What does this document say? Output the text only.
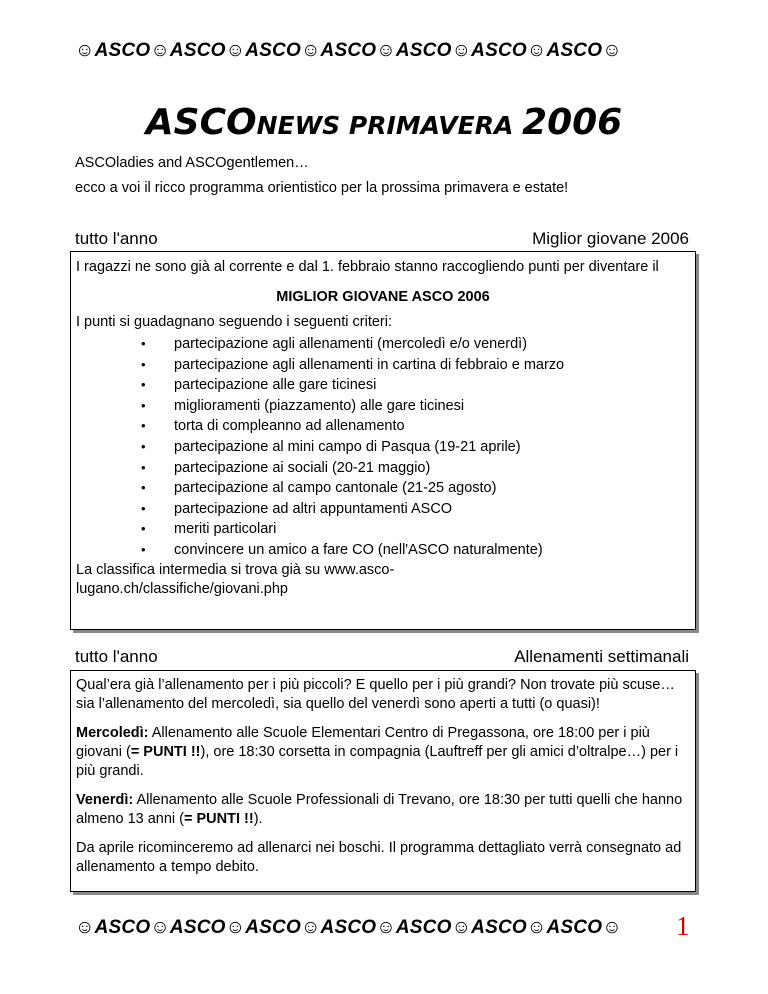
☺ASCO☺ASCO☺ASCO☺ASCO☺ASCO☺ASCO☺ASCO☺
ASCONEWS PRIMAVERA 2006
ASCOladies and ASCOgentlemen…
ecco a voi il ricco programma orientistico per la prossima primavera e estate!
tutto l'anno	Miglior giovane 2006

I ragazzi ne sono già al corrente e dal 1. febbraio stanno raccogliendo punti per diventare il

MIGLIOR GIOVANE ASCO 2006

I punti si guadagnano seguendo i seguenti criteri:

• partecipazione agli allenamenti (mercoledì e/o venerdì)
• partecipazione agli allenamenti in cartina di febbraio e marzo
• partecipazione alle gare ticinesi
• miglioramenti (piazzamento) alle gare ticinesi
• torta di compleanno ad allenamento
• partecipazione al mini campo di Pasqua (19-21 aprile)
• partecipazione ai sociali (20-21 maggio)
• partecipazione al campo cantonale (21-25 agosto)
• partecipazione ad altri appuntamenti ASCO
• meriti particolari
• convincere un amico a fare CO (nell'ASCO naturalmente)

La classifica intermedia si trova già su www.asco-

lugano.ch/classifiche/giovani.php

tutto l'anno	Allenamenti settimanali

Qual’era già l’allenamento per i più piccoli? E quello per i più grandi? Non trovate più scuse… sia l’allenamento del mercoledì, sia quello del venerdì sono aperti a tutti (o quasi)!

Mercoledì: Allenamento alle Scuole Elementari Centro di Pregassona, ore 18:00 per i più giovani (= PUNTI !!), ore 18:30 corsetta in compagnia (Lauftreff per gli amici d’oltralpe…) per i più grandi.

Venerdì: Allenamento alle Scuole Professionali di Trevano, ore 18:30 per tutti quelli che hanno almeno 13 anni (= PUNTI !!).

Da aprile ricominceremo ad allenarci nei boschi. Il programma dettagliato verrà consegnato ad allenamento a tempo debito.

☺ASCO☺ASCO☺ASCO☺ASCO☺ASCO☺ASCO☺ASCO☺ 1
